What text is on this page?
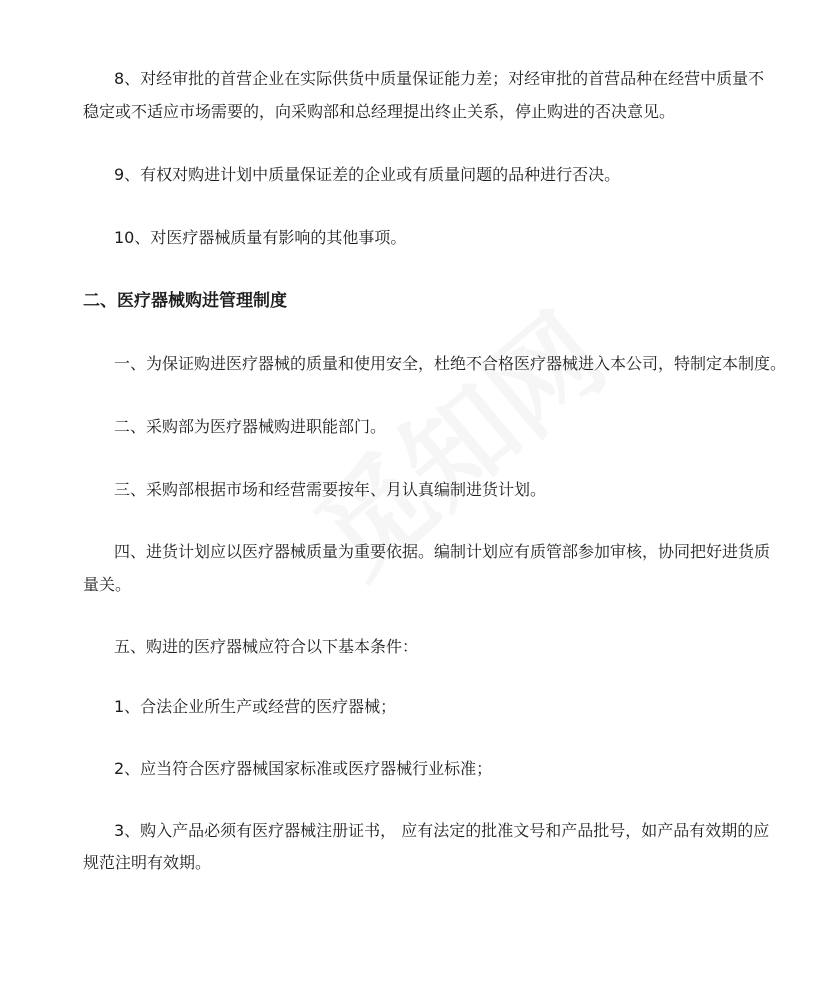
8、对经审批的首营企业在实际供货中质量保证能力差；对经审批的首营品种在经营中质量不
稳定或不适应市场需要的，向采购部和总经理提出终止关系，停止购进的否决意见。
9、有权对购进计划中质量保证差的企业或有质量问题的品种进行否决。
10、对医疗器械质量有影响的其他事项。
二、医疗器械购进管理制度
一、为保证购进医疗器械的质量和使用安全，杜绝不合格医疗器械进入本公司，特制定本制度。
二、采购部为医疗器械购进职能部门。
三、采购部根据市场和经营需要按年、月认真编制进货计划。
四、进货计划应以医疗器械质量为重要依据。编制计划应有质管部参加审核，协同把好进货质
量关。
五、购进的医疗器械应符合以下基本条件：
1、合法企业所生产或经营的医疗器械；
2、应当符合医疗器械国家标准或医疗器械行业标准；
3、购入产品必须有医疗器械注册证书， 应有法定的批准文号和产品批号，如产品有效期的应
规范注明有效期。
